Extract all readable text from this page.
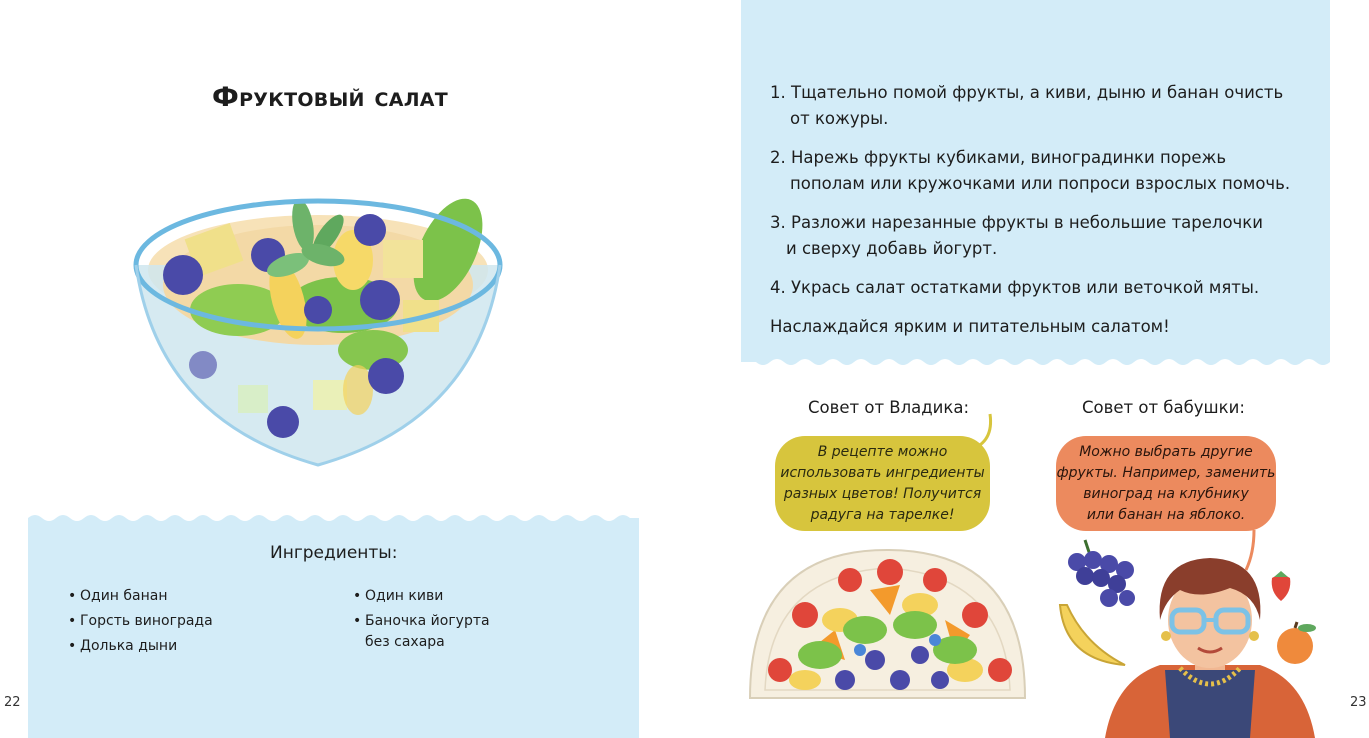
Фруктовый салат
Ингредиенты:
• Один банан
• Горсть винограда
• Долька дыни
• Один киви
• Баночка йогурта
без сахара
22
1. Тщательно помой фрукты, а киви, дыню и банан очисть
от кожуры.
2. Нарежь фрукты кубиками, виноградинки порежь
пополам или кружочками или попроси взрослых помочь.
3. Разложи нарезанные фрукты в небольшие тарелочки
и сверху добавь йогурт.
4. Укрась салат остатками фруктов или веточкой мяты.
Наслаждайся ярким и питательным салатом!
Совет от Владика:
В рецепте можно
использовать ингредиенты
разных цветов! Получится
радуга на тарелке!
Совет от бабушки:
Можно выбрать другие
фрукты. Например, заменить
виноград на клубнику
или банан на яблоко.
23
